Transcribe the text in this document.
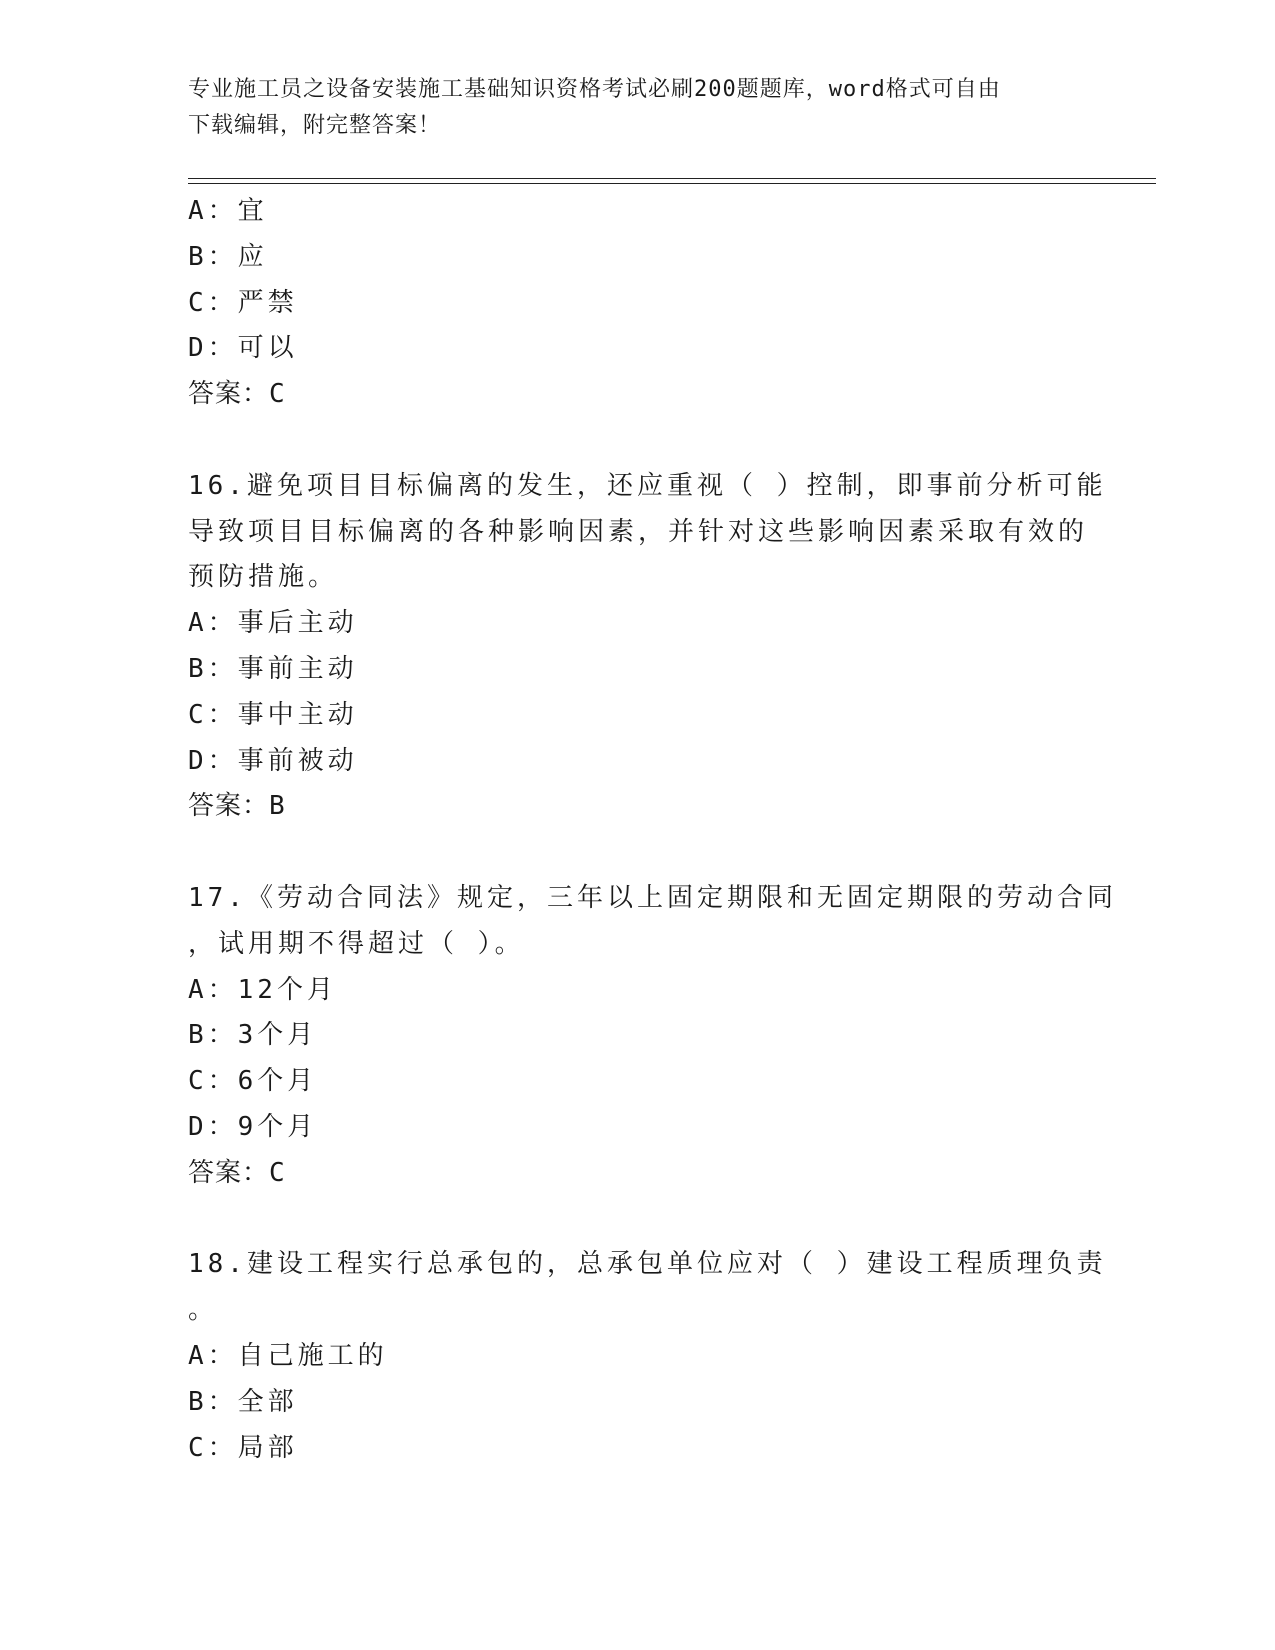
专业施工员之设备安装施工基础知识资格考试必刷200题题库，word格式可自由
下载编辑，附完整答案！
A：宜
B：应
C：严禁
D：可以
答案：C
16.避免项目目标偏离的发生，还应重视（ ）控制，即事前分析可能
导致项目目标偏离的各种影响因素，并针对这些影响因素采取有效的
预防措施。
A：事后主动
B：事前主动
C：事中主动
D：事前被动
答案：B
17.《劳动合同法》规定，三年以上固定期限和无固定期限的劳动合同
，试用期不得超过（ ）。
A：12个月
B：3个月
C：6个月
D：9个月
答案：C
18.建设工程实行总承包的，总承包单位应对（ ）建设工程质理负责
。
A：自己施工的
B：全部
C：局部
